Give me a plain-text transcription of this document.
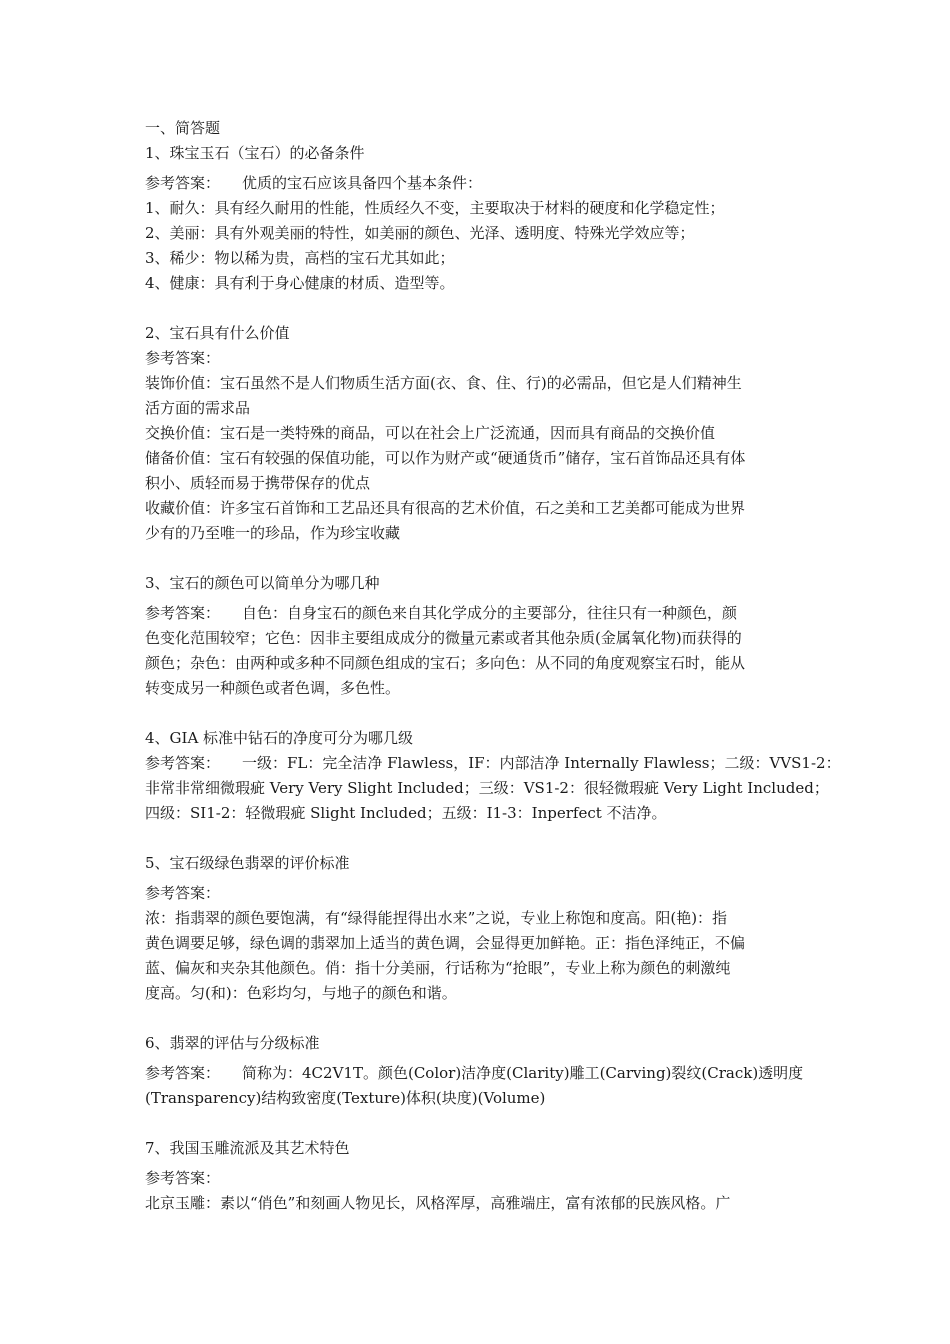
一、简答题
1、珠宝玉石（宝石）的必备条件
参考答案： 优质的宝石应该具备四个基本条件：
1、耐久：具有经久耐用的性能，性质经久不变，主要取决于材料的硬度和化学稳定性；
2、美丽：具有外观美丽的特性，如美丽的颜色、光泽、透明度、特殊光学效应等；
3、稀少：物以稀为贵，高档的宝石尤其如此；
4、健康：具有利于身心健康的材质、造型等。
2、宝石具有什么价值
参考答案：
装饰价值：宝石虽然不是人们物质生活方面(衣、食、住、行)的必需品，但它是人们精神生
活方面的需求品
交换价值：宝石是一类特殊的商品，可以在社会上广泛流通，因而具有商品的交换价值
储备价值：宝石有较强的保值功能，可以作为财产或“硬通货币”储存，宝石首饰品还具有体
积小、质轻而易于携带保存的优点
收藏价值：许多宝石首饰和工艺品还具有很高的艺术价值，石之美和工艺美都可能成为世界
少有的乃至唯一的珍品，作为珍宝收藏
3、宝石的颜色可以简单分为哪几种
参考答案： 自色：自身宝石的颜色来自其化学成分的主要部分，往往只有一种颜色，颜
色变化范围较窄；它色：因非主要组成成分的微量元素或者其他杂质(金属氧化物)而获得的
颜色；杂色：由两种或多种不同颜色组成的宝石；多向色：从不同的角度观察宝石时，能从
转变成另一种颜色或者色调，多色性。
4、GIA 标准中钻石的净度可分为哪几级
参考答案： 一级：FL：完全洁净 Flawless，IF：内部洁净 Internally Flawless；二级：VVS1-2：
非常非常细微瑕疵 Very Very Slight Included；三级：VS1-2：很轻微瑕疵 Very Light Included；
四级：SI1-2：轻微瑕疵 Slight Included；五级：I1-3：Inperfect 不洁净。
5、宝石级绿色翡翠的评价标准
参考答案：
浓：指翡翠的颜色要饱满，有“绿得能捏得出水来”之说，专业上称饱和度高。阳(艳)：指
黄色调要足够，绿色调的翡翠加上适当的黄色调，会显得更加鲜艳。正：指色泽纯正，不偏
蓝、偏灰和夹杂其他颜色。俏：指十分美丽，行话称为“抢眼”，专业上称为颜色的刺激纯
度高。匀(和)：色彩均匀，与地子的颜色和谐。
6、翡翠的评估与分级标准
参考答案： 简称为：4C2V1T。颜色(Color)洁净度(Clarity)雕工(Carving)裂纹(Crack)透明度
(Transparency)结构致密度(Texture)体积(块度)(Volume)
7、我国玉雕流派及其艺术特色
参考答案：
北京玉雕：素以“俏色”和刻画人物见长，风格浑厚，高雅端庄，富有浓郁的民族风格。广
